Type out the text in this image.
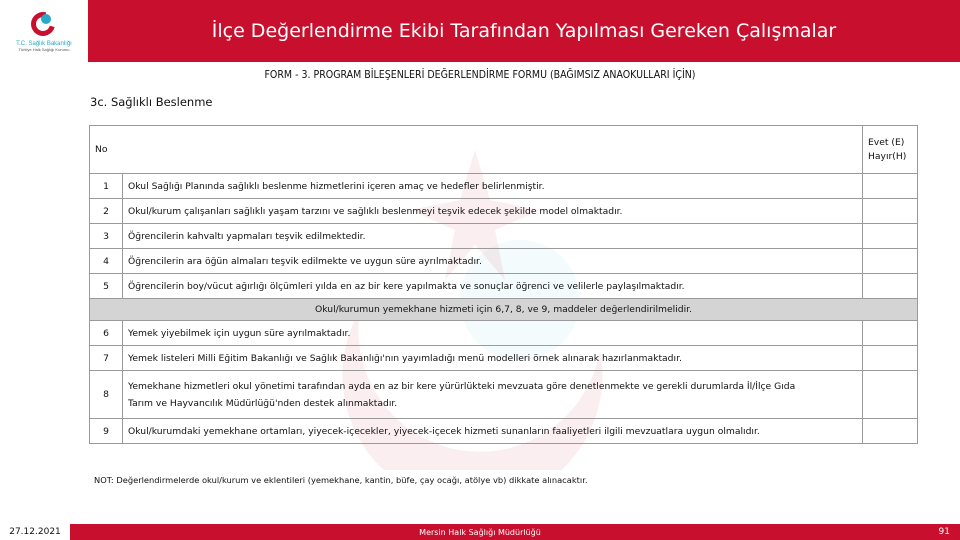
T.C. Sağlık Bakanlığı
Türkiye Halk Sağlığı Kurumu
İlçe Değerlendirme Ekibi Tarafından Yapılması Gereken Çalışmalar
FORM - 3. PROGRAM BİLEŞENLERİ DEĞERLENDİRME FORMU (BAĞIMSIZ ANAOKULLARI İÇİN)
3c. Sağlıklı Beslenme
No		Evet (E)
Hayır(H)

1	Okul Sağlığı Planında sağlıklı beslenme hizmetlerini içeren amaç ve hedefler belirlenmiştir.	
2	Okul/kurum çalışanları sağlıklı yaşam tarzını ve sağlıklı beslenmeyi teşvik edecek şekilde model olmaktadır.	
3	Öğrencilerin kahvaltı yapmaları teşvik edilmektedir.	
4	Öğrencilerin ara öğün almaları teşvik edilmekte ve uygun süre ayrılmaktadır.	
5	Öğrencilerin boy/vücut ağırlığı ölçümleri yılda en az bir kere yapılmakta ve sonuçlar öğrenci ve velilerle paylaşılmaktadır.	
Okul/kurumun yemekhane hizmeti için 6,7, 8, ve 9, maddeler değerlendirilmelidir.		
6	Yemek yiyebilmek için uygun süre ayrılmaktadır.	
7	Yemek listeleri Milli Eğitim Bakanlığı ve Sağlık Bakanlığı'nın yayımladığı menü modelleri örnek alınarak hazırlanmaktadır.	
8	Yemekhane hizmetleri okul yönetimi tarafından ayda en az bir kere yürürlükteki mevzuata göre denetlenmekte ve gerekli durumlarda İl/İlçe Gıda
Tarım ve Hayvancılık Müdürlüğü'nden destek alınmaktadır.	

9	Okul/kurumdaki yemekhane ortamları, yiyecek-içecekler, yiyecek-içecek hizmeti sunanların faaliyetleri ilgili mevzuatlara uygun olmalıdır.	
NOT: Değerlendirmelerde okul/kurum ve eklentileri (yemekhane, kantin, büfe, çay ocağı, atölye vb) dikkate alınacaktır.
27.12.2021	Mersin Halk Sağlığı Müdürlüğü	91
